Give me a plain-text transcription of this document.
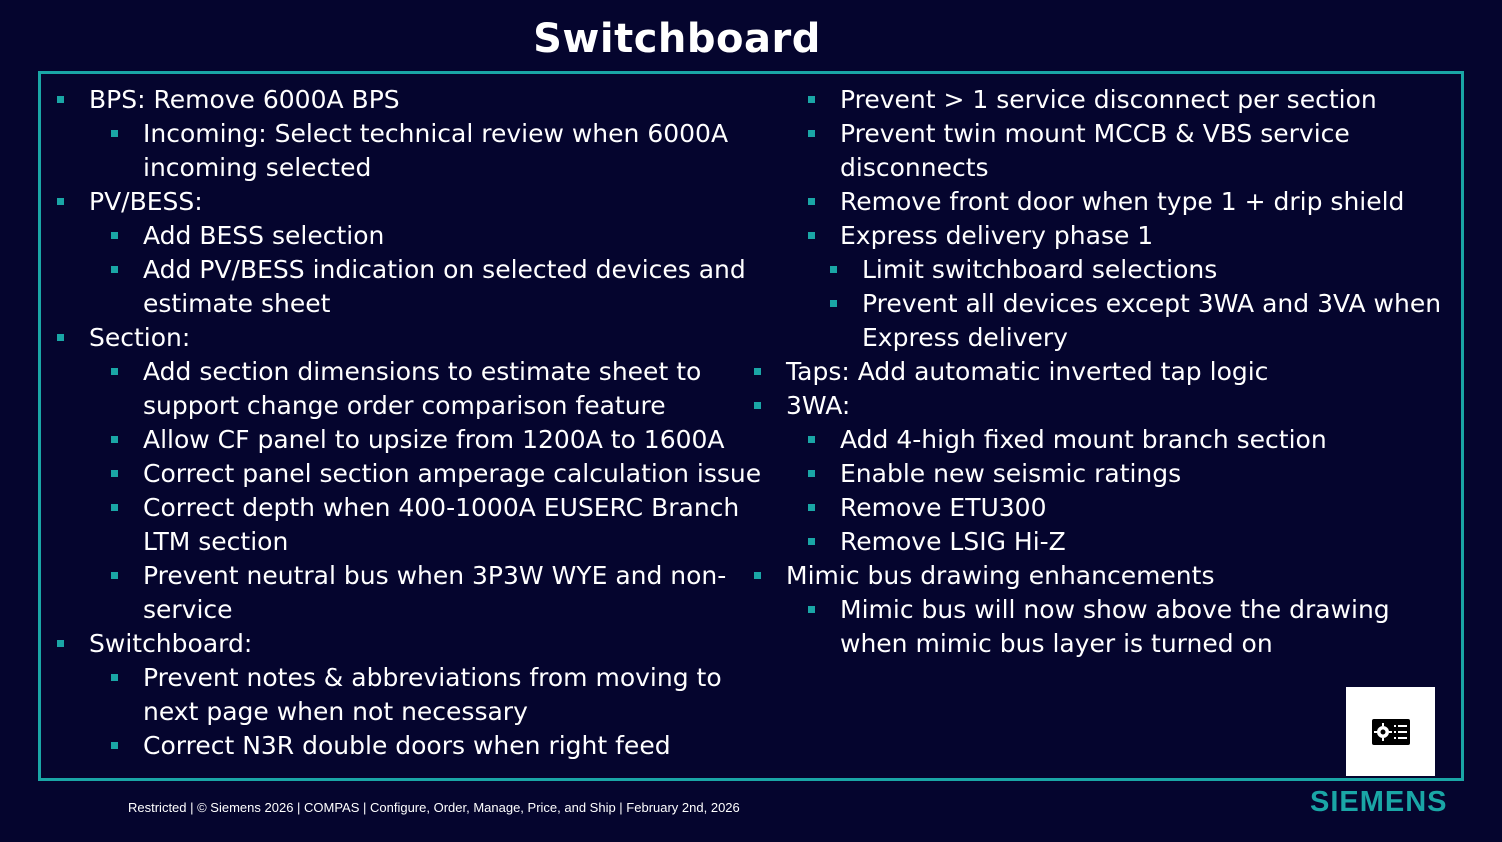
Switchboard
BPS: Remove 6000A BPS
Incoming: Select technical review when 6000A incoming selected
PV/BESS:
Add BESS selection
Add PV/BESS indication on selected devices and estimate sheet
Section:
Add section dimensions to estimate sheet to support change order comparison feature
Allow CF panel to upsize from 1200A to 1600A
Correct panel section amperage calculation issue
Correct depth when 400-1000A EUSERC Branch LTM section
Prevent neutral bus when 3P3W WYE and non-service
Switchboard:
Prevent notes & abbreviations from moving to next page when not necessary
Correct N3R double doors when right feed
Prevent > 1 service disconnect per section
Prevent twin mount MCCB & VBS service disconnects
Remove front door when type 1 + drip shield
Express delivery phase 1
Limit switchboard selections
Prevent all devices except 3WA and 3VA when Express delivery
Taps: Add automatic inverted tap logic
3WA:
Add 4-high fixed mount branch section
Enable new seismic ratings
Remove ETU300
Remove LSIG Hi-Z
Mimic bus drawing enhancements
Mimic bus will now show above the drawing when mimic bus layer is turned on
Restricted | © Siemens 2026 | COMPAS | Configure, Order, Manage, Price, and Ship | February 2nd, 2026	SIEMENS
